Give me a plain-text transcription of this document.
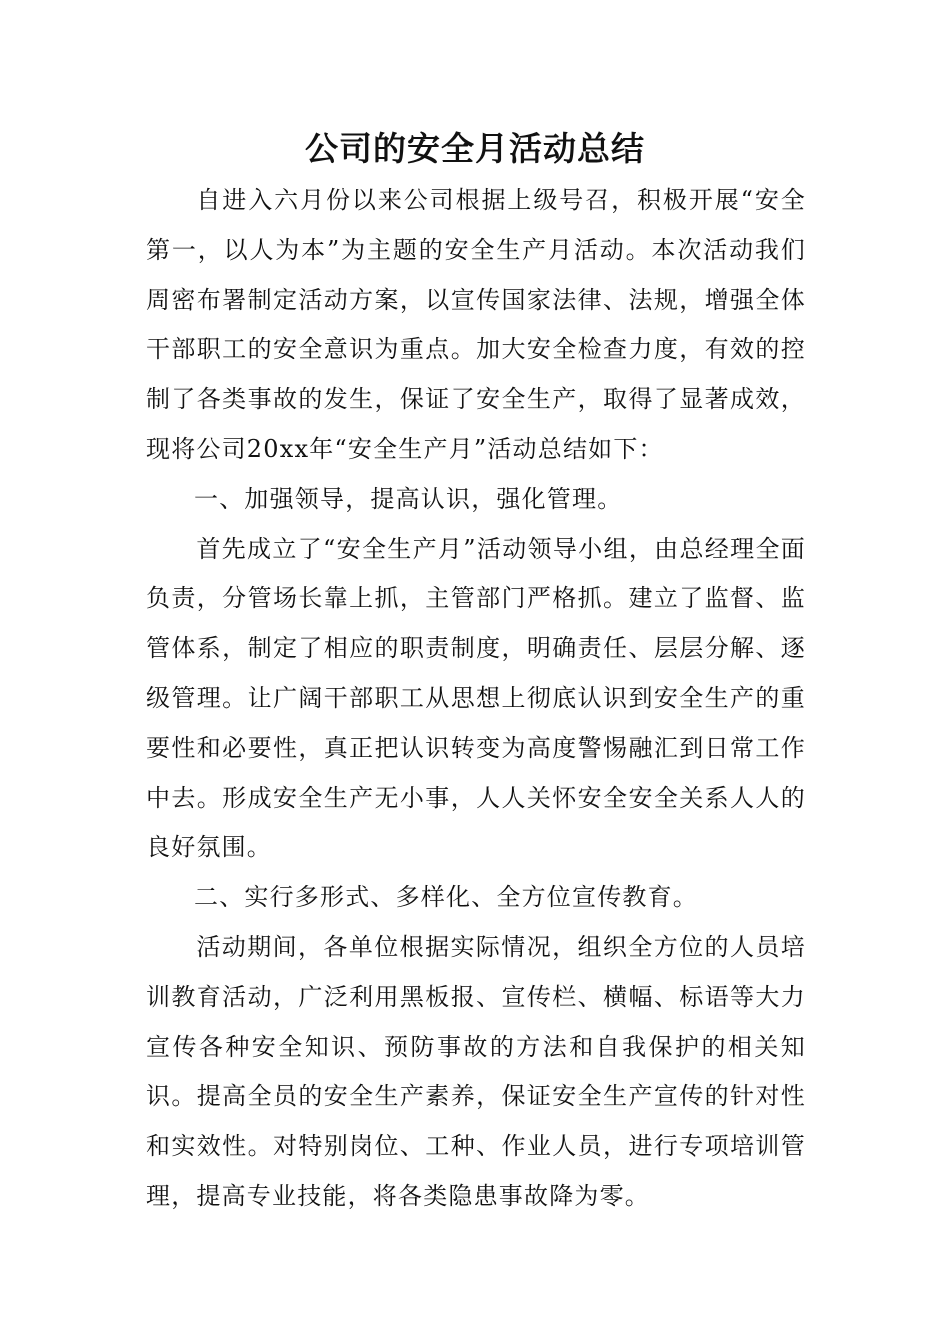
公司的安全月活动总结

自进入六月份以来公司根据上级号召，积极开展“安全第一，以人为本”为主题的安全生产月活动。本次活动我们周密布署制定活动方案，以宣传国家法律、法规，增强全体干部职工的安全意识为重点。加大安全检查力度，有效的控制了各类事故的发生，保证了安全生产，取得了显著成效，现将公司20xx年“安全生产月”活动总结如下：

一、加强领导，提高认识，强化管理。

首先成立了“安全生产月”活动领导小组，由总经理全面负责，分管场长靠上抓，主管部门严格抓。建立了监督、监管体系，制定了相应的职责制度，明确责任、层层分解、逐级管理。让广阔干部职工从思想上彻底认识到安全生产的重要性和必要性，真正把认识转变为高度警惕融汇到日常工作中去。形成安全生产无小事，人人关怀安全安全关系人人的良好氛围。

二、实行多形式、多样化、全方位宣传教育。

活动期间，各单位根据实际情况，组织全方位的人员培训教育活动，广泛利用黑板报、宣传栏、横幅、标语等大力宣传各种安全知识、预防事故的方法和自我保护的相关知识。提高全员的安全生产素养，保证安全生产宣传的针对性和实效性。对特别岗位、工种、作业人员，进行专项培训管理，提高专业技能，将各类隐患事故降为零。
